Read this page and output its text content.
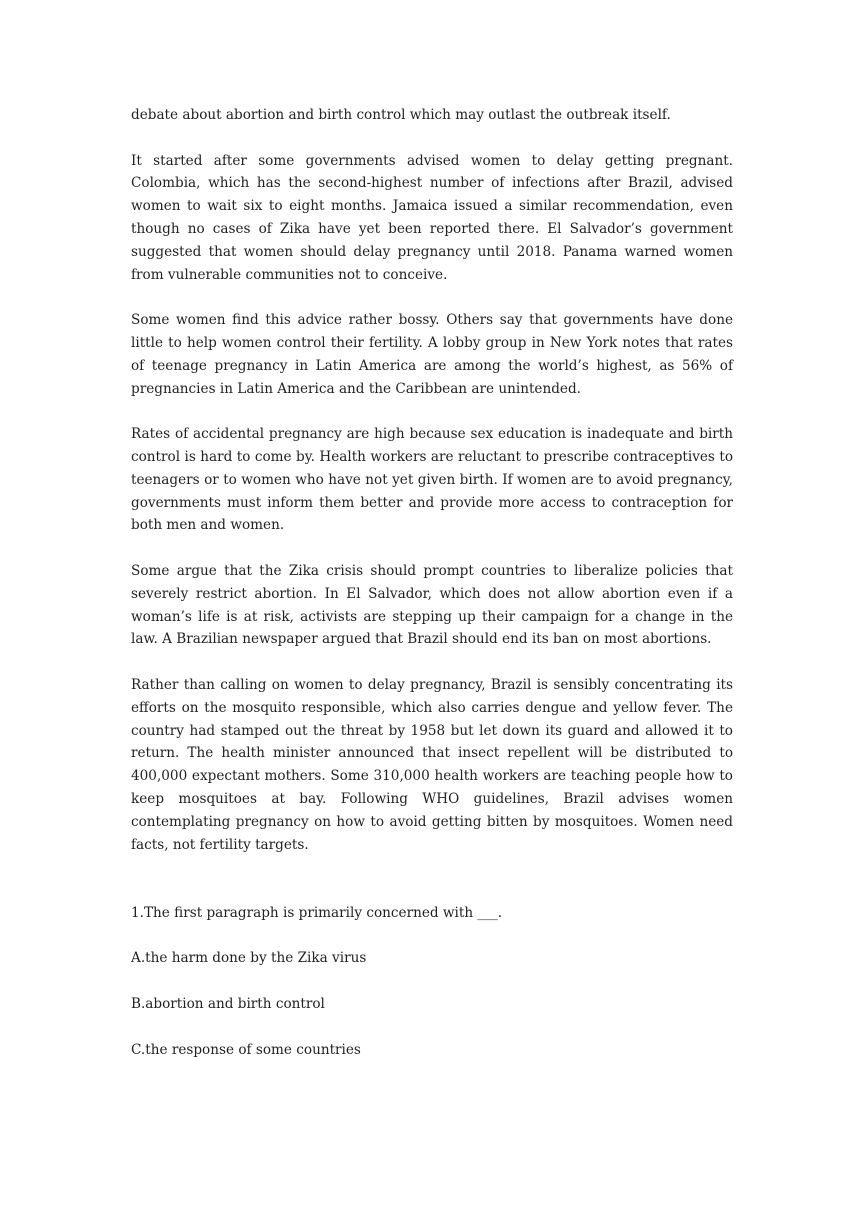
debate about abortion and birth control which may outlast the outbreak itself.

It started after some governments advised women to delay getting pregnant. Colombia, which has the second-highest number of infections after Brazil, advised women to wait six to eight months. Jamaica issued a similar recommendation, even though no cases of Zika have yet been reported there. El Salvador’s government suggested that women should delay pregnancy until 2018. Panama warned women from vulnerable communities not to conceive.

Some women find this advice rather bossy. Others say that governments have done little to help women control their fertility. A lobby group in New York notes that rates of teenage pregnancy in Latin America are among the world’s highest, as 56% of pregnancies in Latin America and the Caribbean are unintended.

Rates of accidental pregnancy are high because sex education is inadequate and birth control is hard to come by. Health workers are reluctant to prescribe contraceptives to teenagers or to women who have not yet given birth. If women are to avoid pregnancy, governments must inform them better and provide more access to contraception for both men and women.

Some argue that the Zika crisis should prompt countries to liberalize policies that severely restrict abortion. In El Salvador, which does not allow abortion even if a woman’s life is at risk, activists are stepping up their campaign for a change in the law. A Brazilian newspaper argued that Brazil should end its ban on most abortions.

Rather than calling on women to delay pregnancy, Brazil is sensibly concentrating its efforts on the mosquito responsible, which also carries dengue and yellow fever. The country had stamped out the threat by 1958 but let down its guard and allowed it to return. The health minister announced that insect repellent will be distributed to 400,000 expectant mothers. Some 310,000 health workers are teaching people how to keep mosquitoes at bay. Following WHO guidelines, Brazil advises women contemplating pregnancy on how to avoid getting bitten by mosquitoes. Women need facts, not fertility targets.

1.The first paragraph is primarily concerned with ___.

A.the harm done by the Zika virus

B.abortion and birth control

C.the response of some countries
